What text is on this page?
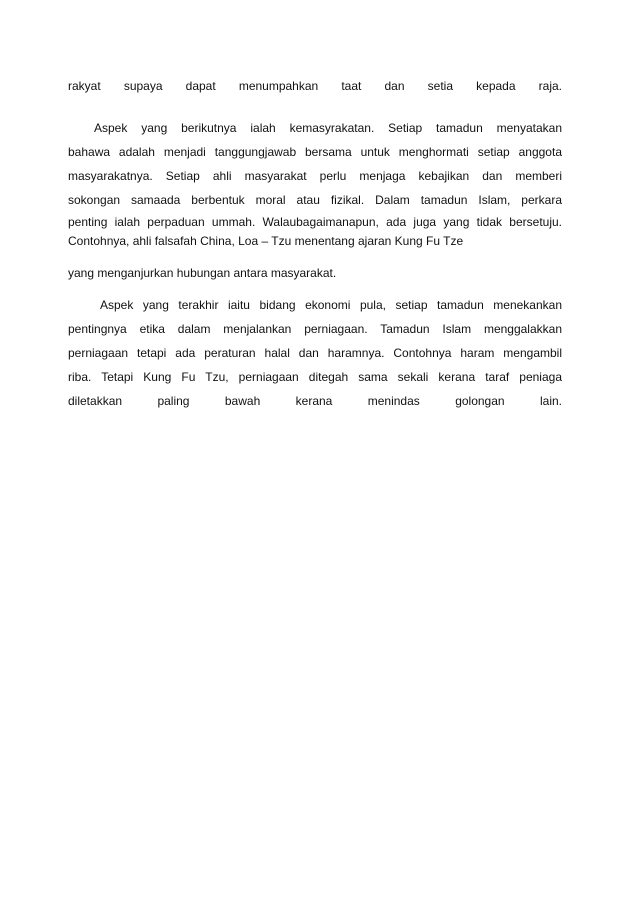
rakyat supaya dapat menumpahkan taat dan setia kepada raja.
Aspek yang berikutnya ialah kemasyrakatan. Setiap tamadun menyatakan
bahawa adalah menjadi tanggungjawab bersama untuk menghormati setiap anggota
masyarakatnya. Setiap ahli masyarakat perlu menjaga kebajikan dan memberi
sokongan samaada berbentuk moral atau fizikal. Dalam tamadun Islam, perkara
penting ialah perpaduan ummah. Walaubagaimanapun, ada juga yang tidak bersetuju.
Contohnya, ahli falsafah China, Loa – Tzu menentang ajaran Kung Fu Tze
yang menganjurkan hubungan antara masyarakat.
Aspek yang terakhir iaitu bidang ekonomi pula, setiap tamadun menekankan
pentingnya etika dalam menjalankan perniagaan. Tamadun Islam menggalakkan
perniagaan tetapi ada peraturan halal dan haramnya. Contohnya haram mengambil
riba. Tetapi Kung Fu Tzu, perniagaan ditegah sama sekali kerana taraf peniaga
diletakkan paling bawah kerana menindas golongan lain.
